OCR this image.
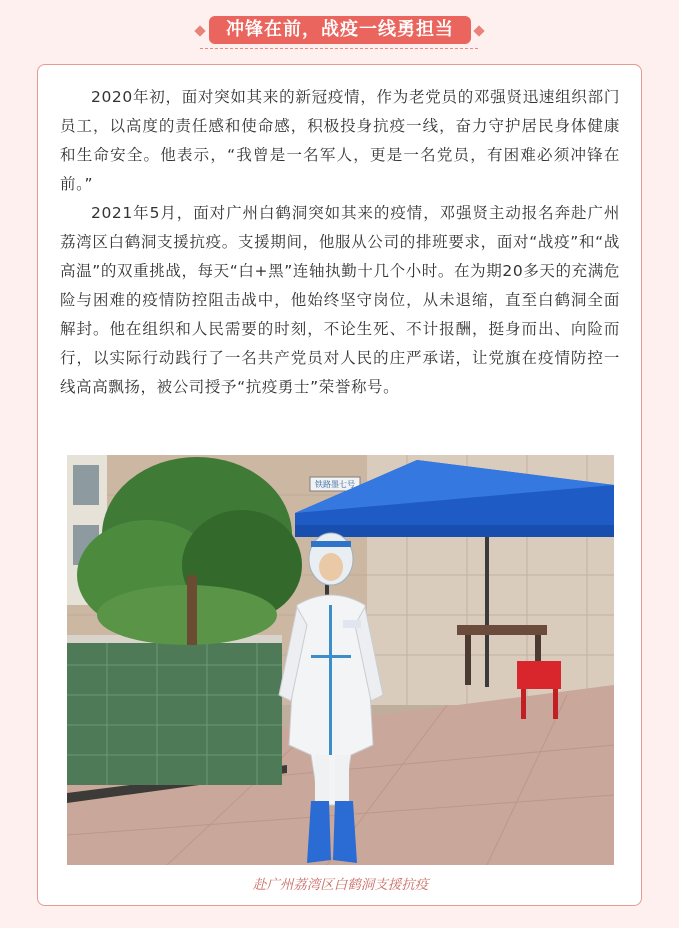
冲锋在前，战疫一线勇担当

2020年初，面对突如其来的新冠疫情，作为老党员的邓强贤迅速组织部门员工，以高度的责任感和使命感，积极投身抗疫一线，奋力守护居民身体健康和生命安全。他表示，“我曾是一名军人，更是一名党员，有困难必须冲锋在前。”

2021年5月，面对广州白鹤洞突如其来的疫情，邓强贤主动报名奔赴广州荔湾区白鹤洞支援抗疫。支援期间，他服从公司的排班要求，面对“战疫”和“战高温”的双重挑战，每天“白+黑”连轴执勤十几个小时。在为期20多天的充满危险与困难的疫情防控阻击战中，他始终坚守岗位，从未退缩，直至白鹤洞全面解封。他在组织和人民需要的时刻，不论生死、不计报酬，挺身而出、向险而行，以实际行动践行了一名共产党员对人民的庄严承诺，让党旗在疫情防控一线高高飘扬，被公司授予“抗疫勇士”荣誉称号。

铁路墨七号
赴广州荔湾区白鹤洞支援抗疫
